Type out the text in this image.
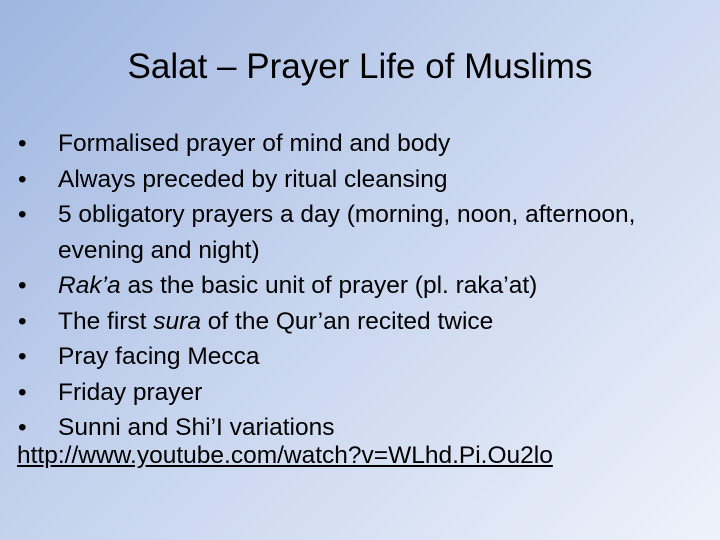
Salat – Prayer Life of Muslims
•	Formalised prayer of mind and body
•	Always preceded by ritual cleansing
•	5 obligatory prayers a day (morning, noon, afternoon, evening and night)
•	Rak’a as the basic unit of prayer (pl. raka’at)
•	The first sura of the Qur’an recited twice
•	Pray facing Mecca
•	Friday prayer
•	Sunni and Shi’I variations
http://www.youtube.com/watch?v=WLhd.Pi.Ou2lo
